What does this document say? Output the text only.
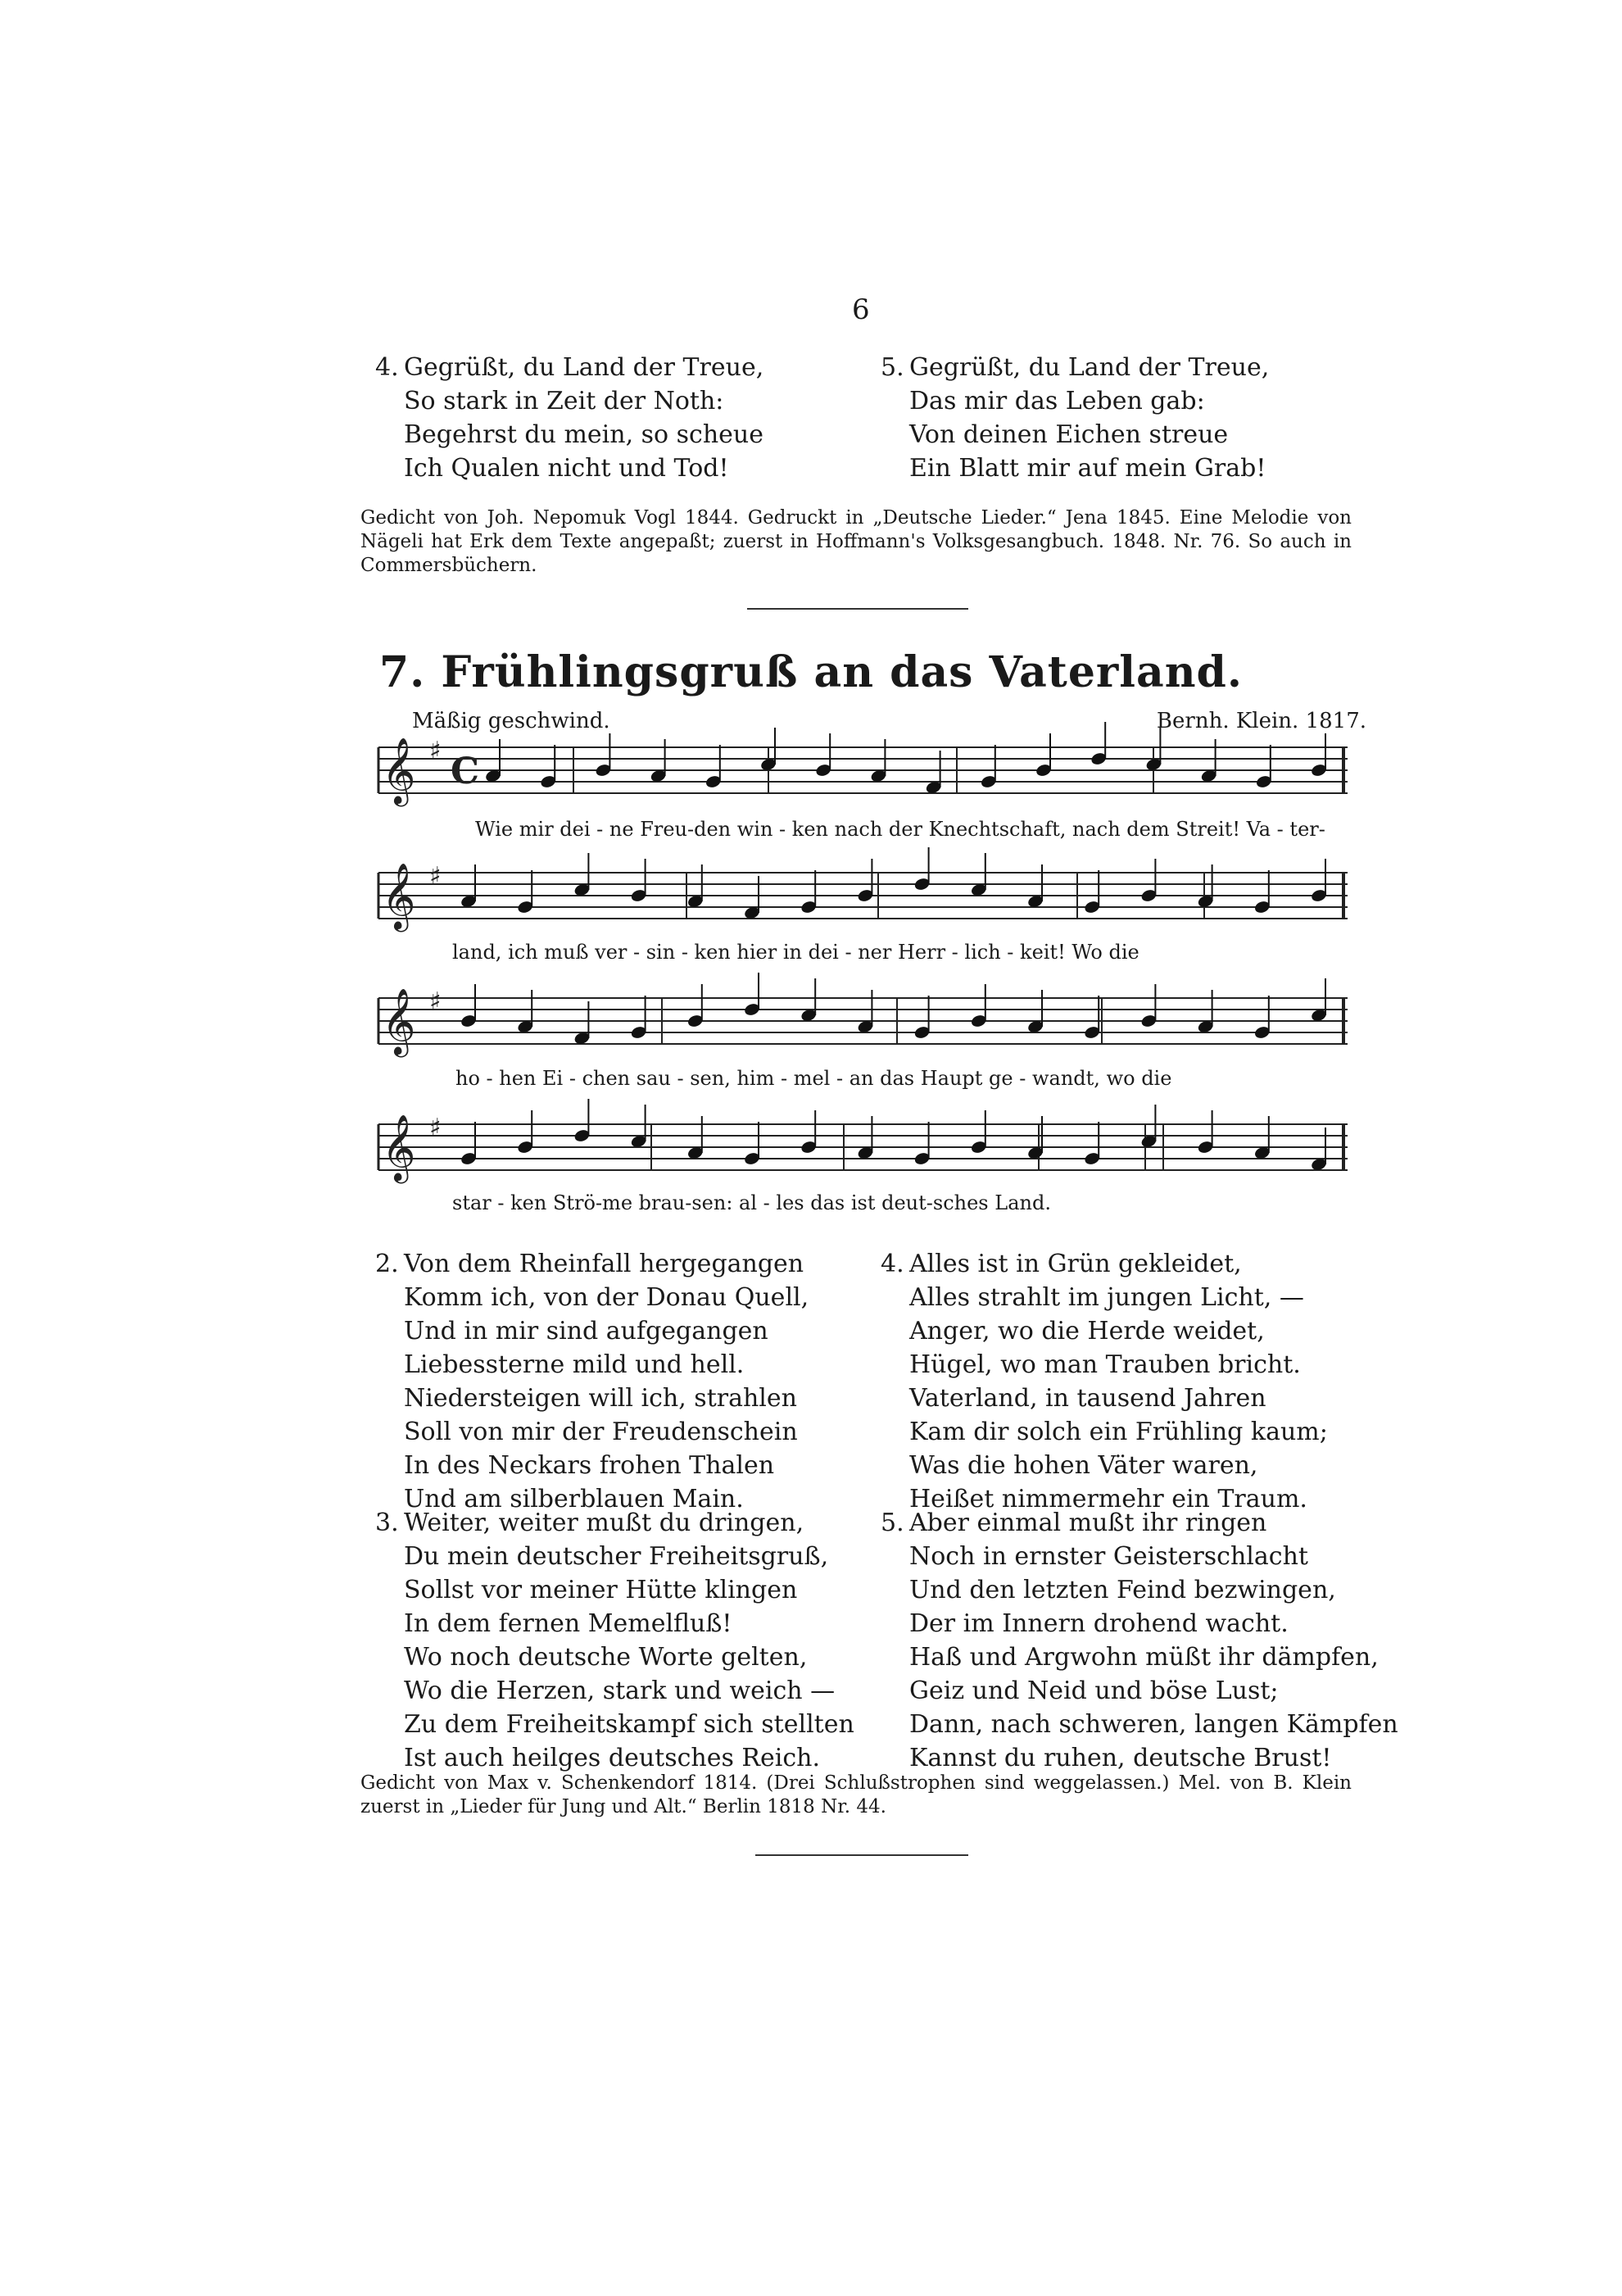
6
4. Gegrüßt, du Land der Treue,
So stark in Zeit der Noth:
Begehrst du mein, so scheue
Ich Qualen nicht und Tod!
5. Gegrüßt, du Land der Treue,
Das mir das Leben gab:
Von deinen Eichen streue
Ein Blatt mir auf mein Grab!
Gedicht von Joh. Nepomuk Vogl 1844. Gedruckt in „Deutsche Lieder.“ Jena 1845. Eine Melodie von Nägeli hat Erk dem Texte angepaßt; zuerst in Hoffmann's Volksgesangbuch. 1848. Nr. 76. So auch in Commersbüchern.
7. Frühlingsgruß an das Vaterland.
Mäßig geschwind.	Bernh. Klein. 1817.
𝄞 ♯ C
𝄞 ♯
𝄞 ♯
𝄞 ♯
Wie mir dei - ne Freu-den win - ken nach der Knechtschaft, nach dem Streit! Va - ter-
land, ich muß ver - sin - ken hier in dei - ner Herr - lich - keit! Wo die
ho - hen Ei - chen sau - sen, him - mel - an das Haupt ge - wandt, wo die
star - ken Strö-me brau-sen: al - les das ist deut-sches Land.
2. Von dem Rheinfall hergegangen
Komm ich, von der Donau Quell,
Und in mir sind aufgegangen
Liebessterne mild und hell.
Niedersteigen will ich, strahlen
Soll von mir der Freudenschein
In des Neckars frohen Thalen
Und am silberblauen Main.
3. Weiter, weiter mußt du dringen,
Du mein deutscher Freiheitsgruß,
Sollst vor meiner Hütte klingen
In dem fernen Memelfluß!
Wo noch deutsche Worte gelten,
Wo die Herzen, stark und weich —
Zu dem Freiheitskampf sich stellten
Ist auch heilges deutsches Reich.
4. Alles ist in Grün gekleidet,
Alles strahlt im jungen Licht, —
Anger, wo die Herde weidet,
Hügel, wo man Trauben bricht.
Vaterland, in tausend Jahren
Kam dir solch ein Frühling kaum;
Was die hohen Väter waren,
Heißet nimmermehr ein Traum.
5. Aber einmal mußt ihr ringen
Noch in ernster Geisterschlacht
Und den letzten Feind bezwingen,
Der im Innern drohend wacht.
Haß und Argwohn müßt ihr dämpfen,
Geiz und Neid und böse Lust;
Dann, nach schweren, langen Kämpfen
Kannst du ruhen, deutsche Brust!
Gedicht von Max v. Schenkendorf 1814. (Drei Schlußstrophen sind weggelassen.) Mel. von B. Klein zuerst in „Lieder für Jung und Alt.“ Berlin 1818 Nr. 44.
